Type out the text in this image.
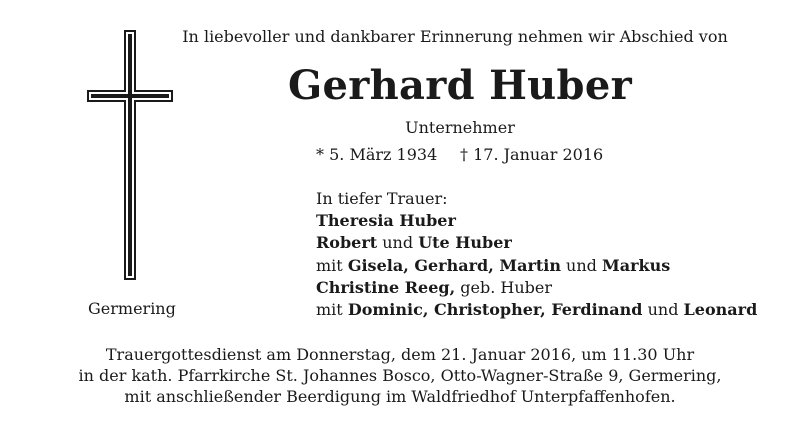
In liebevoller und dankbarer Erinnerung nehmen wir Abschied von
Gerhard Huber
Unternehmer
* 5. März 1934 † 17. Januar 2016
In tiefer Trauer:
Theresia Huber
Robert und Ute Huber
mit Gisela, Gerhard, Martin und Markus
Christine Reeg, geb. Huber
mit Dominic, Christopher, Ferdinand und Leonard
Germering
Trauergottesdienst am Donnerstag, dem 21. Januar 2016, um 11.30 Uhr
in der kath. Pfarrkirche St. Johannes Bosco, Otto-Wagner-Straße 9, Germering,
mit anschließender Beerdigung im Waldfriedhof Unterpfaffenhofen.
